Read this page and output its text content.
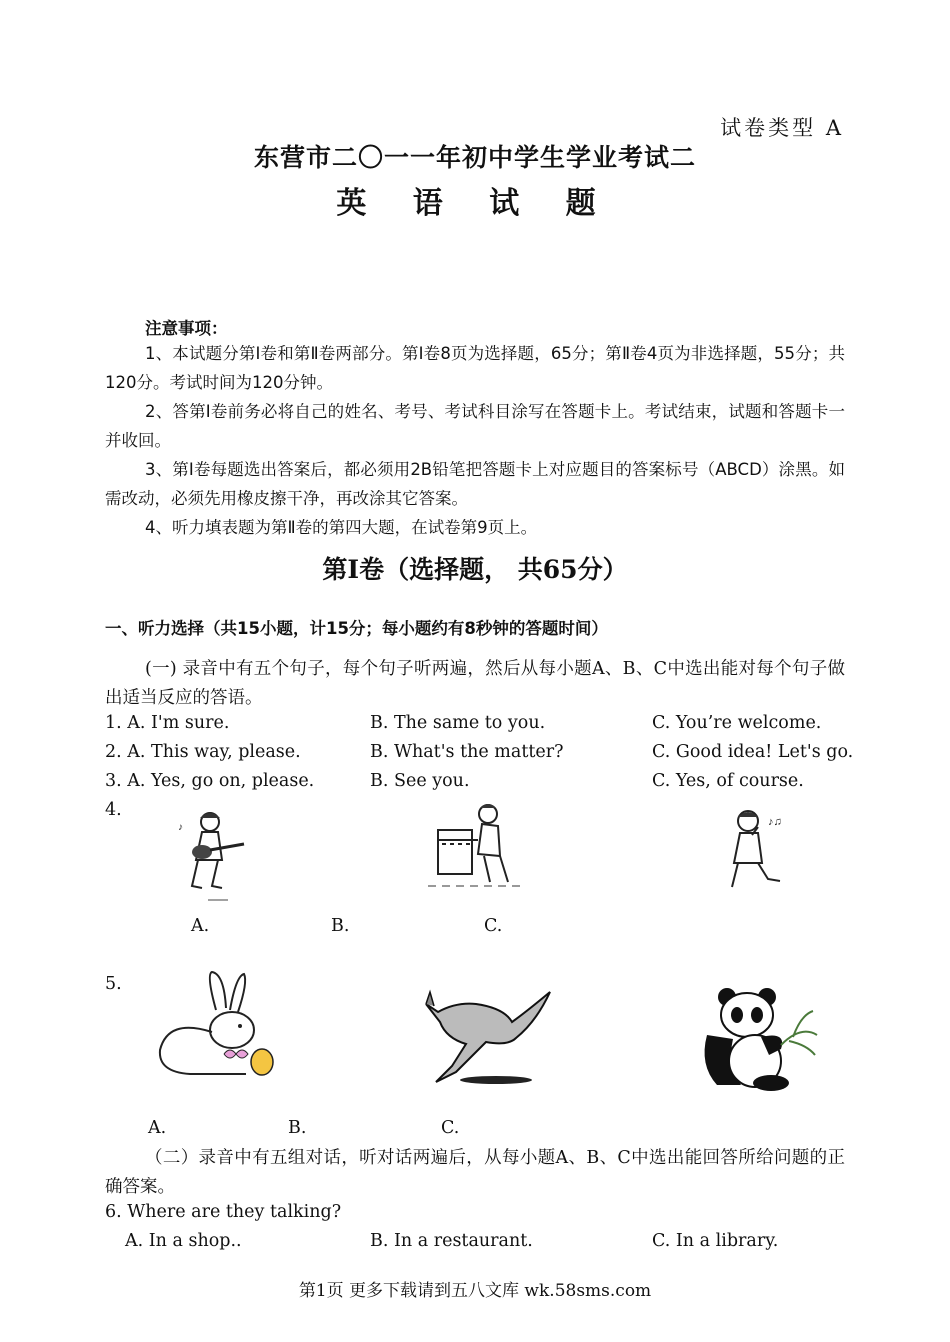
试卷类型 A
东营市二〇一一年初中学生学业考试二
英 语 试 题
注意事项：

1、本试题分第Ⅰ卷和第Ⅱ卷两部分。第Ⅰ卷8页为选择题，65分；第Ⅱ卷4页为非选择题，55分；共120分。考试时间为120分钟。

2、答第Ⅰ卷前务必将自己的姓名、考号、考试科目涂写在答题卡上。考试结束，试题和答题卡一并收回。

3、第Ⅰ卷每题选出答案后，都必须用2B铅笔把答题卡上对应题目的答案标号（ABCD）涂黑。如需改动，必须先用橡皮擦干净，再改涂其它答案。

4、听力填表题为第Ⅱ卷的第四大题，在试卷第9页上。

第Ⅰ卷（选择题， 共65分）
一、听力选择（共15小题，计15分；每小题约有8秒钟的答题时间）

(一) 录音中有五个句子，每个句子听两遍，然后从每小题A、B、C中选出能对每个句子做出适当反应的答语。

1. A. I'm sure.	B. The same to you.	C. You’re welcome.
2. A. This way, please.	B. What's the matter?	C. Good idea! Let's go.
3. A. Yes, go on, please.	B. See you.	C. Yes, of course.
4.
♪	♪♫
A.	B.	C.
5.
A.	B.	C.

（二）录音中有五组对话，听对话两遍后，从每小题A、B、C中选出能回答所给问题的正确答案。

6. Where are they talking?
A. In a shop..	B. In a restaurant.	C. In a library.
第1页 更多下载请到五八文库 wk.58sms.com
